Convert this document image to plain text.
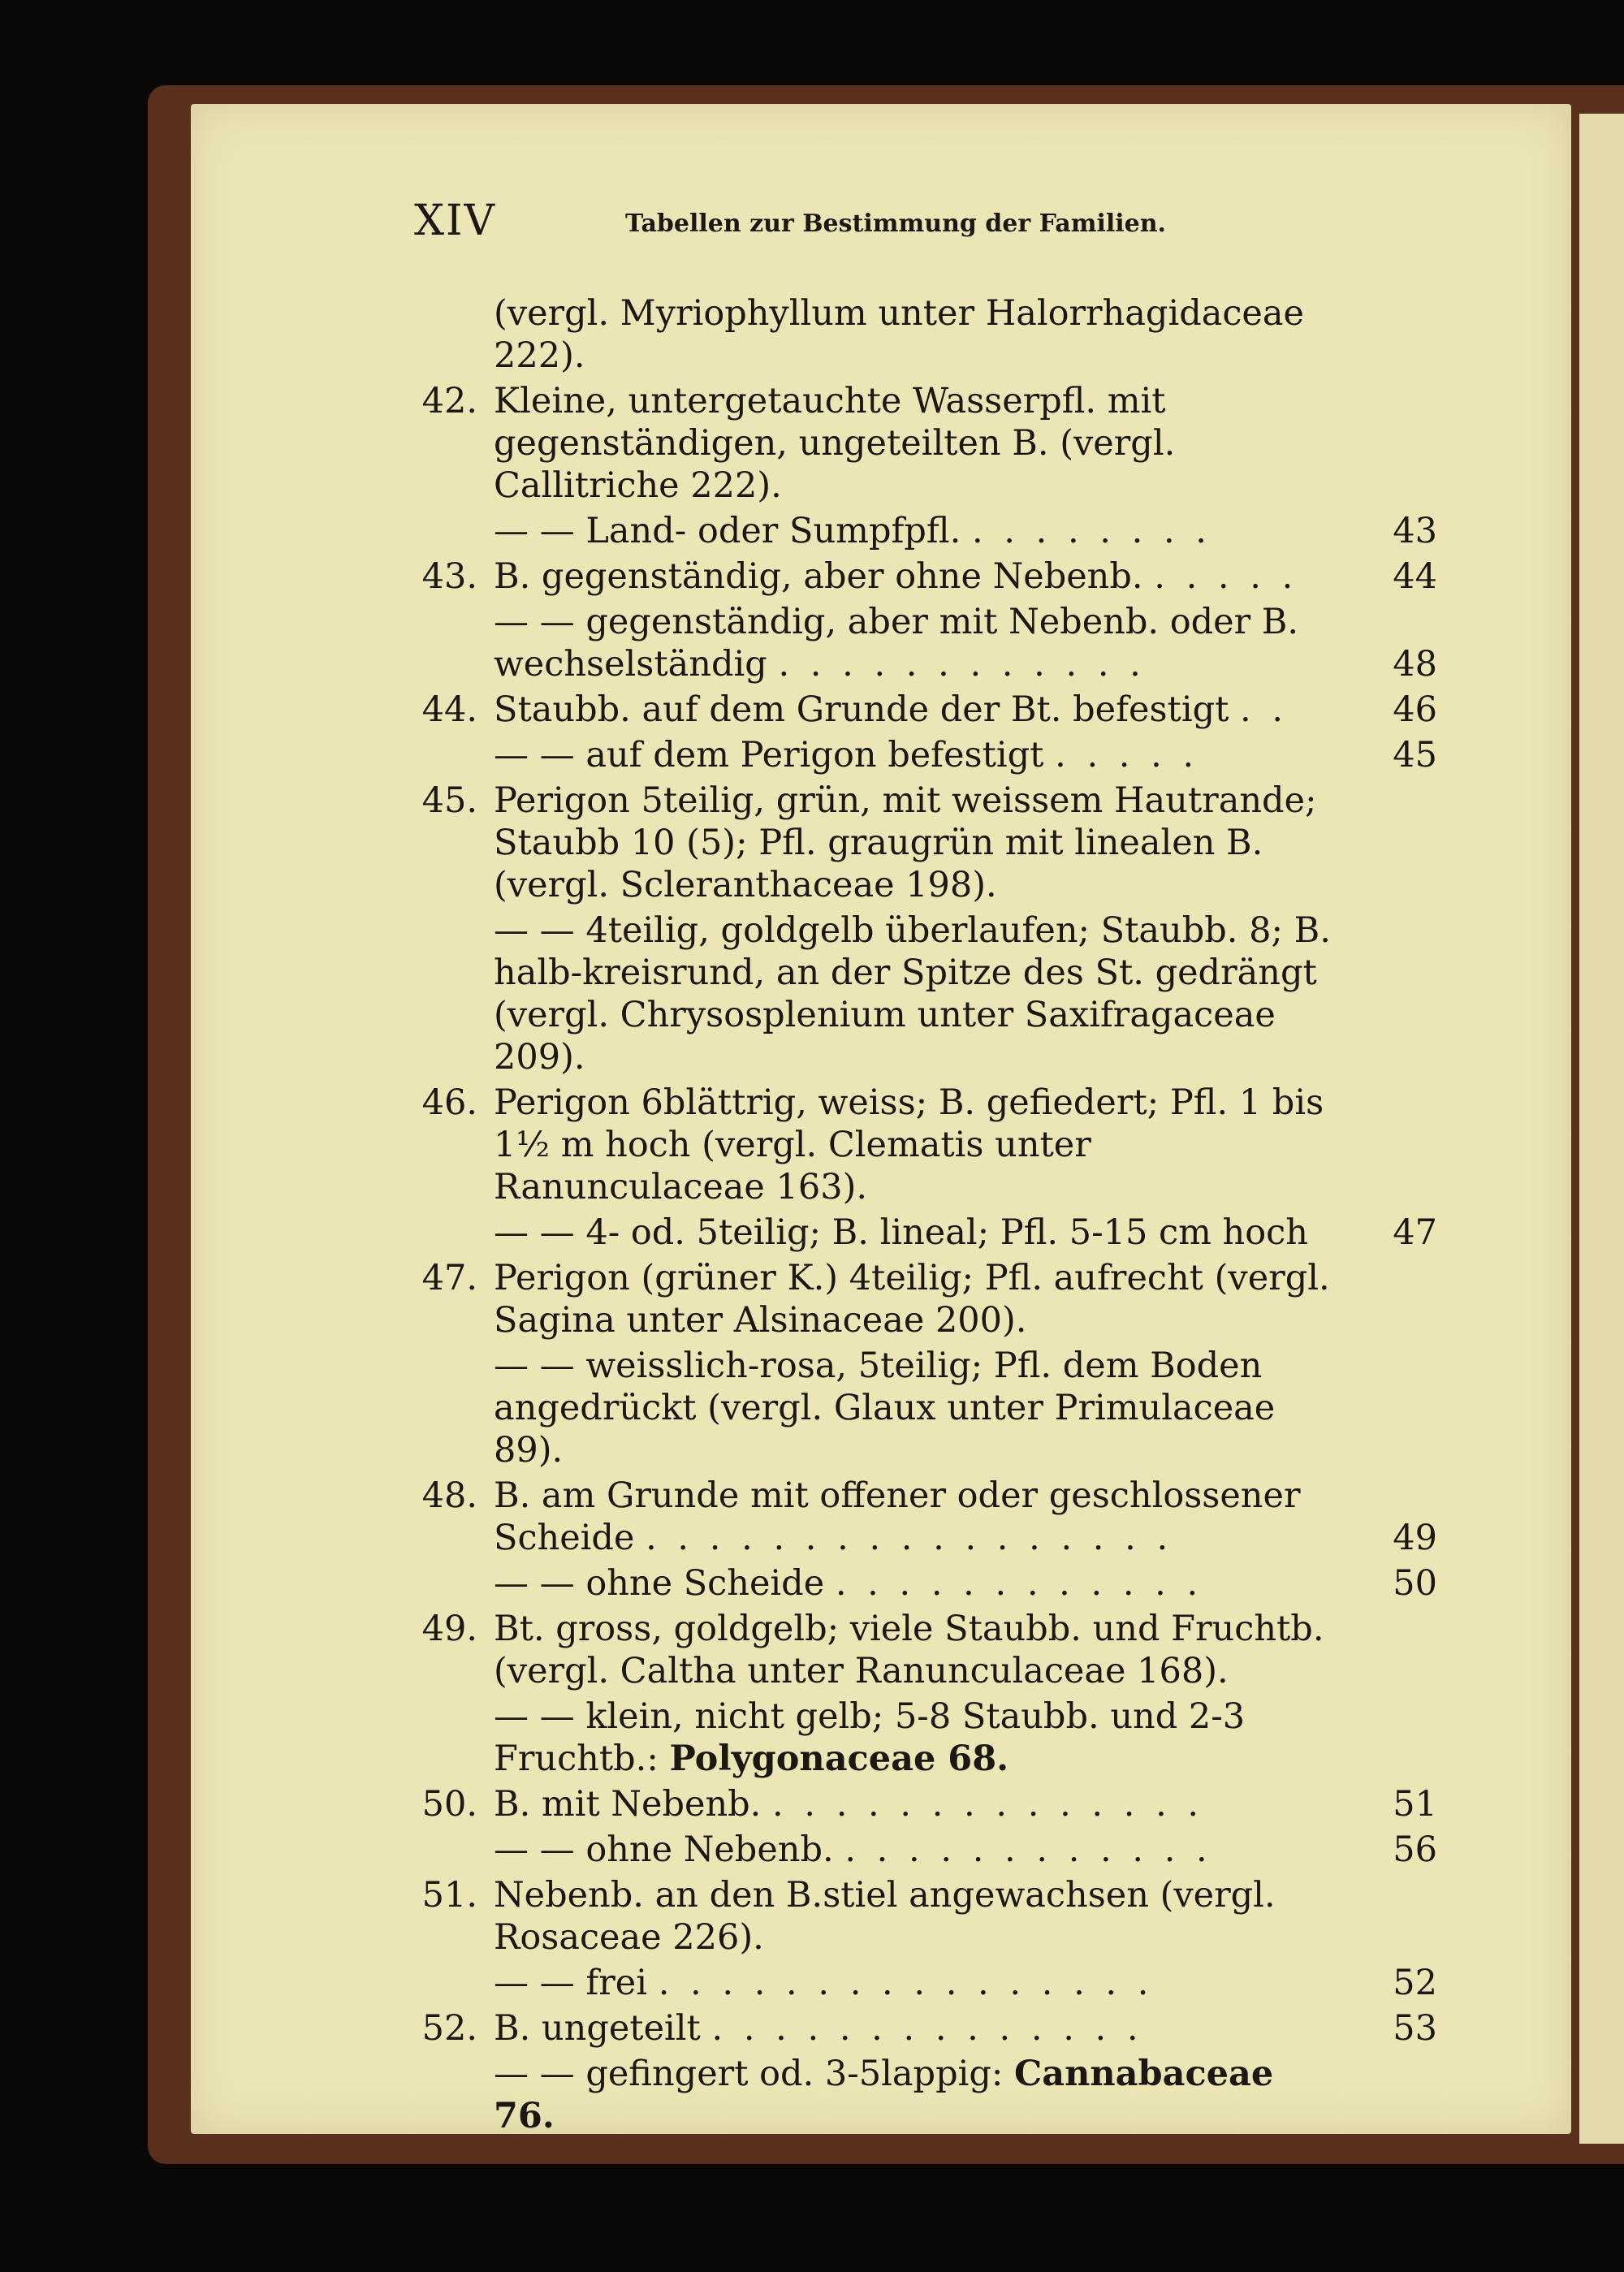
XIV	Tabellen zur Bestimmung der Familien.
(vergl. Myriophyllum unter Halorrhagidaceae 222).
42. Kleine, untergetauchte Wasserpfl. mit gegenständigen, ungeteilten B. (vergl. Callitriche 222).
— — Land- oder Sumpfpfl. . . . . . . . .	43
43. B. gegenständig, aber ohne Nebenb. . . . . .	44
— — gegenständig, aber mit Nebenb. oder B. wechselständig . . . . . . . . . . . .	48
44. Staubb. auf dem Grunde der Bt. befestigt . .	46
— — auf dem Perigon befestigt . . . . .	45
45. Perigon 5teilig, grün, mit weissem Hautrande; Staubb 10 (5); Pfl. graugrün mit linealen B. (vergl. Scleranthaceae 198).
— — 4teilig, goldgelb überlaufen; Staubb. 8; B. halb-kreisrund, an der Spitze des St. gedrängt (vergl. Chrysosplenium unter Saxifragaceae 209).
46. Perigon 6blättrig, weiss; B. gefiedert; Pfl. 1 bis 1½ m hoch (vergl. Clematis unter Ranunculaceae 163).
— — 4- od. 5teilig; B. lineal; Pfl. 5-15 cm hoch	47
47. Perigon (grüner K.) 4teilig; Pfl. aufrecht (vergl. Sagina unter Alsinaceae 200).
— — weisslich-rosa, 5teilig; Pfl. dem Boden angedrückt (vergl. Glaux unter Primulaceae 89).
48. B. am Grunde mit offener oder geschlossener Scheide . . . . . . . . . . . . . . . . .	49
— — ohne Scheide . . . . . . . . . . . .	50
49. Bt. gross, goldgelb; viele Staubb. und Fruchtb. (vergl. Caltha unter Ranunculaceae 168).
— — klein, nicht gelb; 5-8 Staubb. und 2-3 Fruchtb.: Polygonaceae 68.
50. B. mit Nebenb. . . . . . . . . . . . . . .	51
— — ohne Nebenb. . . . . . . . . . . . .	56
51. Nebenb. an den B.stiel angewachsen (vergl. Rosaceae 226).
— — frei . . . . . . . . . . . . . . . .	52
52. B. ungeteilt . . . . . . . . . . . . . .	53
— — gefingert od. 3-5lappig: Cannabaceae 76.
